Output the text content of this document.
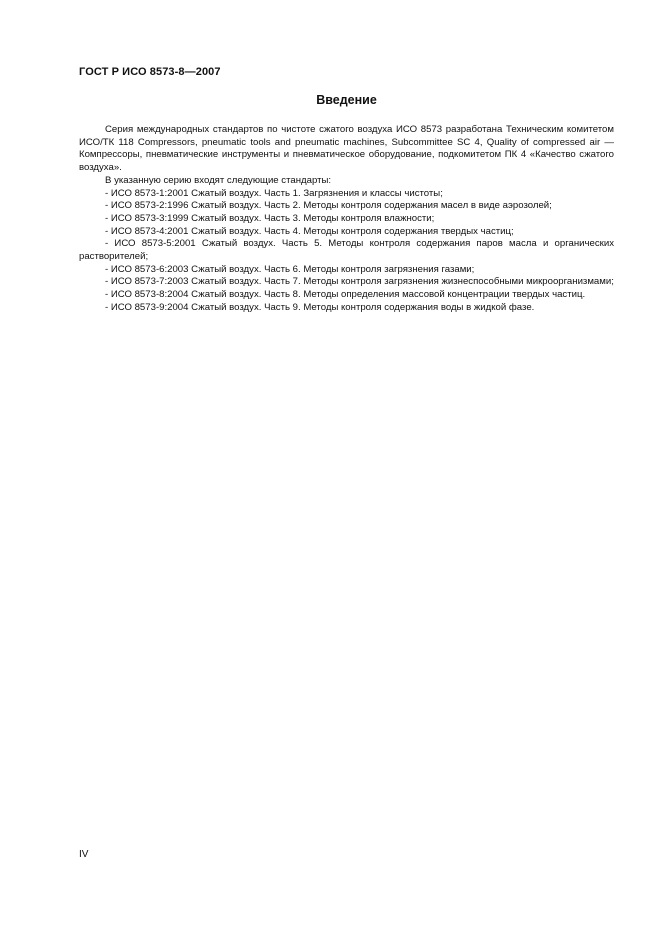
ГОСТ Р ИСО 8573-8—2007
Введение

Серия международных стандартов по чистоте сжатого воздуха ИСО 8573 разработана Техническим комитетом ИСО/ТК 118 Compressors, pneumatic tools and pneumatic machines, Subcommittee SC 4, Quality of compressed air — Компрессоры, пневматические инструменты и пневматическое оборудование, подкомитетом ПК 4 «Качество сжатого воздуха».

В указанную серию входят следующие стандарты:

- ИСО 8573-1:2001 Сжатый воздух. Часть 1. Загрязнения и классы чистоты;

- ИСО 8573-2:1996 Сжатый воздух. Часть 2. Методы контроля содержания масел в виде аэрозолей;

- ИСО 8573-3:1999 Сжатый воздух. Часть 3. Методы контроля влажности;

- ИСО 8573-4:2001 Сжатый воздух. Часть 4. Методы контроля содержания твердых частиц;

- ИСО 8573-5:2001 Сжатый воздух. Часть 5. Методы контроля содержания паров масла и органических растворителей;

- ИСО 8573-6:2003 Сжатый воздух. Часть 6. Методы контроля загрязнения газами;

- ИСО 8573-7:2003 Сжатый воздух. Часть 7. Методы контроля загрязнения жизнеспособными микроорганизмами;

- ИСО 8573-8:2004 Сжатый воздух. Часть 8. Методы определения массовой концентрации твердых частиц.

- ИСО 8573-9:2004 Сжатый воздух. Часть 9. Методы контроля содержания воды в жидкой фазе.

IV
